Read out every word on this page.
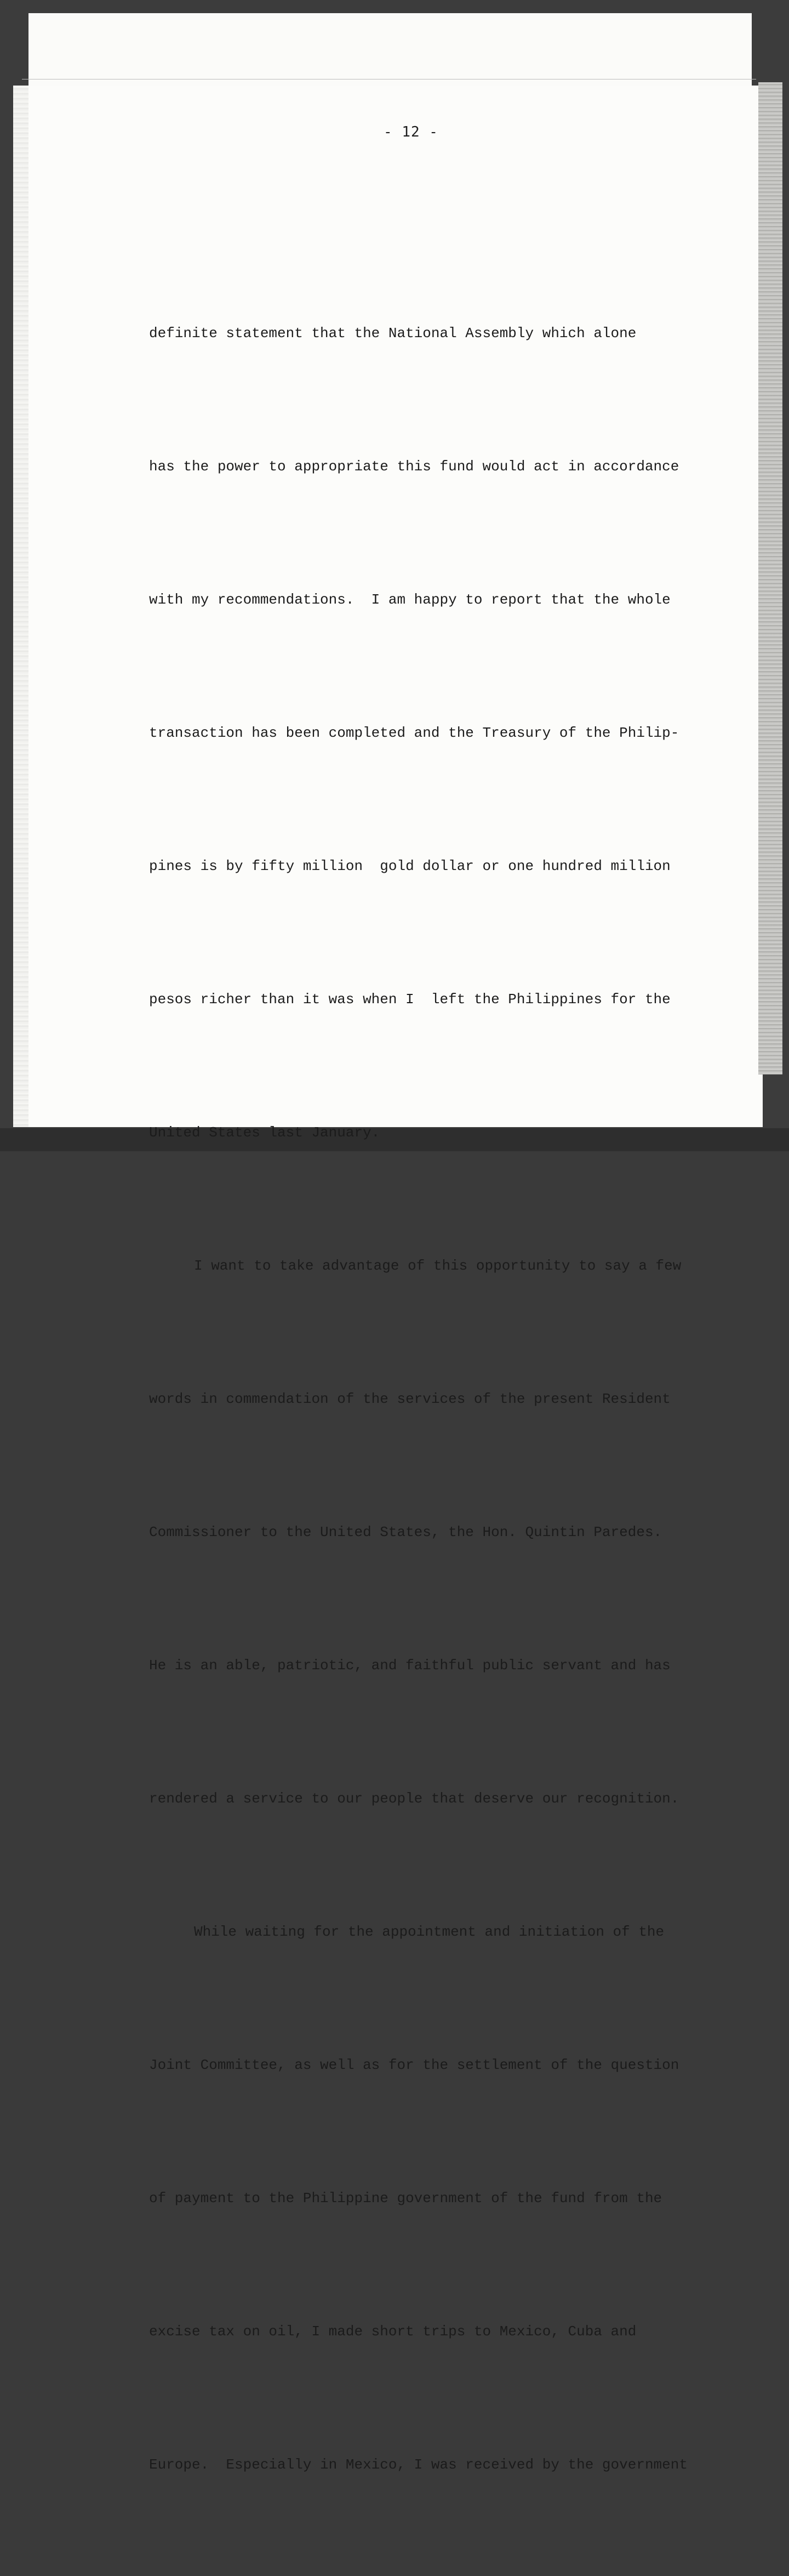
- 12 -

definite statement that the National Assembly which alone

has the power to appropriate this fund would act in accordance

with my recommendations.  I am happy to report that the whole

transaction has been completed and the Treasury of the Philip-

pines is by fifty million  gold dollar or one hundred million

pesos richer than it was when I  left the Philippines for the

United States last January.

I want to take advantage of this opportunity to say a few

words in commendation of the services of the present Resident

Commissioner to the United States, the Hon. Quintin Paredes.

He is an able, patriotic, and faithful public servant and has

rendered a service to our people that deserve our recognition.

While waiting for the appointment and initiation of the

Joint Committee, as well as for the settlement of the question

of payment to the Philippine government of the fund from the

excise tax on oil, I made short trips to Mexico, Cuba and

Europe.  Especially in Mexico, I was received by the government
